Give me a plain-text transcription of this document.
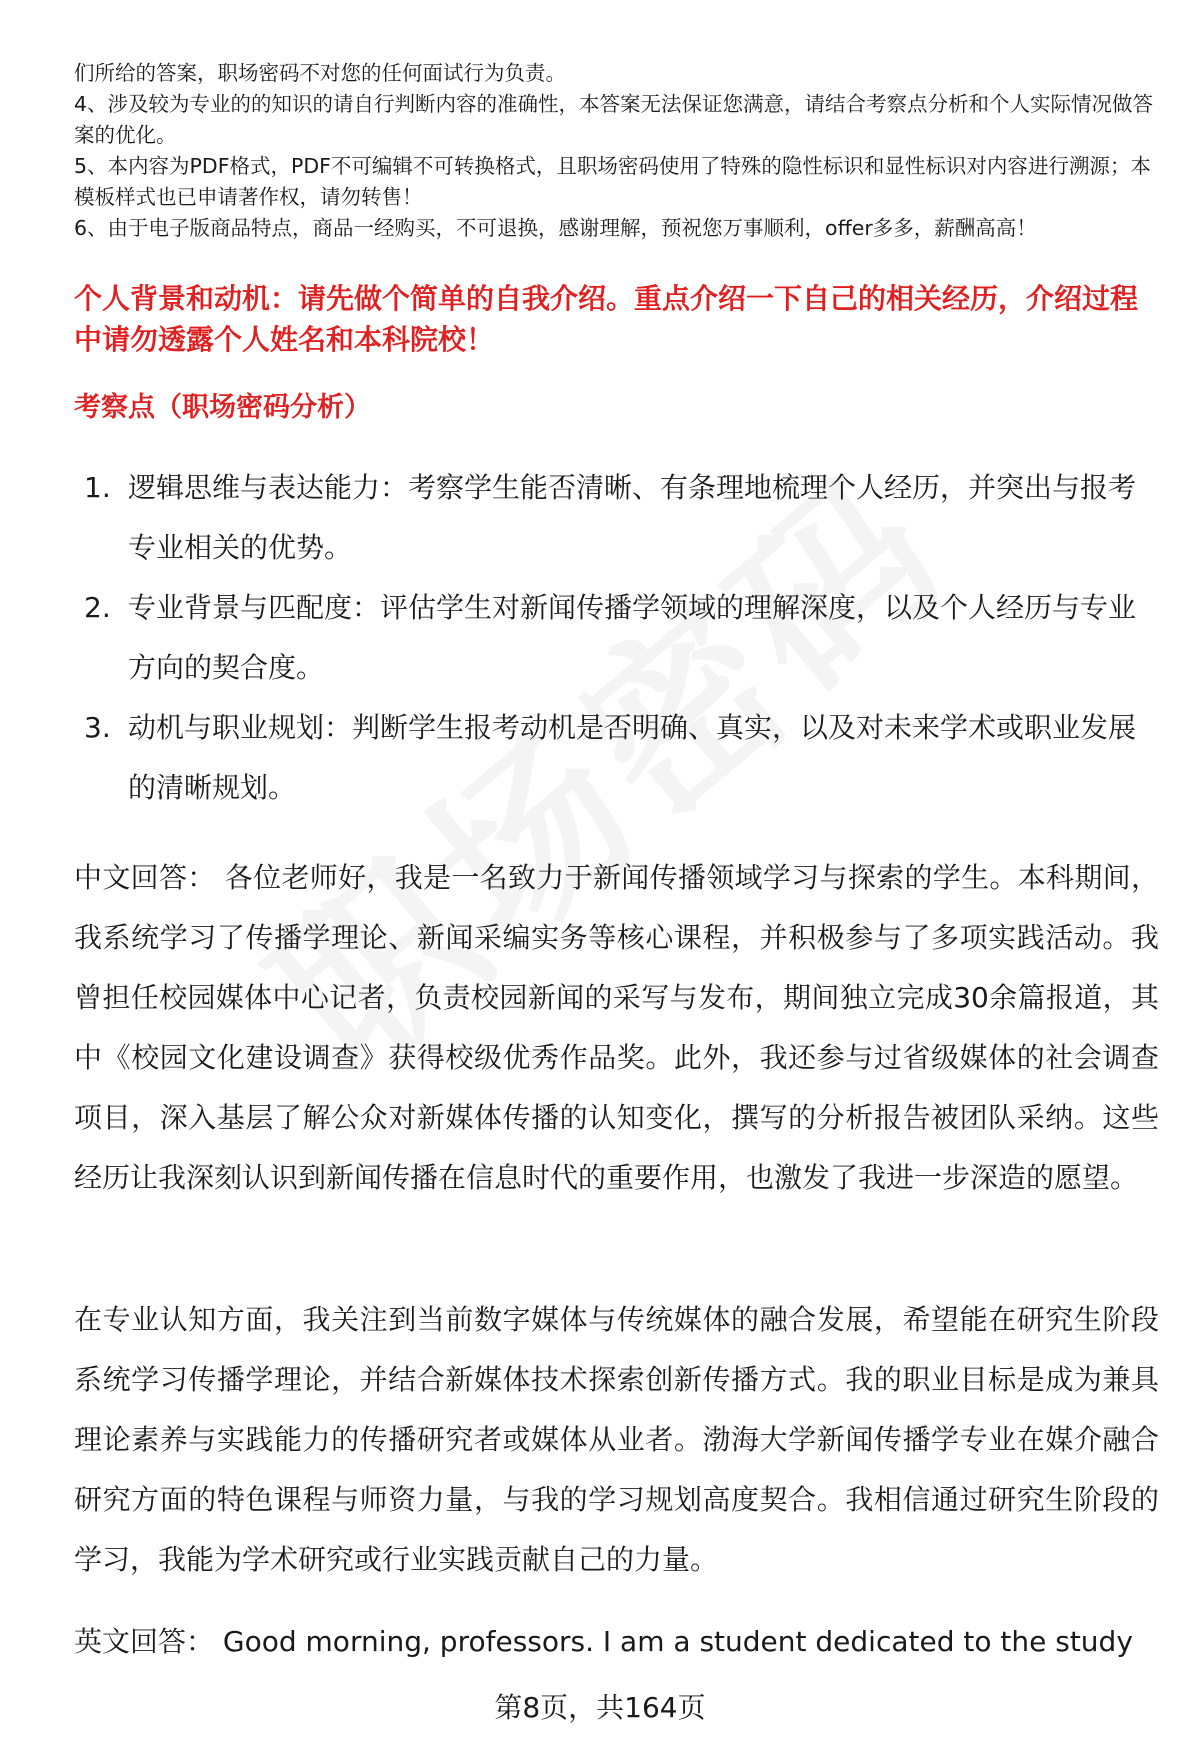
们所给的答案，职场密码不对您的任何面试行为负责。

4、涉及较为专业的的知识的请自行判断内容的准确性，本答案无法保证您满意，请结合考察点分析和个人实际情况做答案的优化。

5、本内容为PDF格式，PDF不可编辑不可转换格式，且职场密码使用了特殊的隐性标识和显性标识对内容进行溯源；本模板样式也已申请著作权，请勿转售！

6、由于电子版商品特点，商品一经购买，不可退换，感谢理解，预祝您万事顺利，offer多多，薪酬高高！

个人背景和动机：请先做个简单的自我介绍。重点介绍一下自己的相关经历，介绍过程中请勿透露个人姓名和本科院校！

考察点（职场密码分析）

1. 逻辑思维与表达能力：考察学生能否清晰、有条理地梳理个人经历，并突出与报考专业相关的优势。
2. 专业背景与匹配度：评估学生对新闻传播学领域的理解深度，以及个人经历与专业方向的契合度。
3. 动机与职业规划：判断学生报考动机是否明确、真实，以及对未来学术或职业发展的清晰规划。

中文回答： 各位老师好，我是一名致力于新闻传播领域学习与探索的学生。本科期间，我系统学习了传播学理论、新闻采编实务等核心课程，并积极参与了多项实践活动。我曾担任校园媒体中心记者，负责校园新闻的采写与发布，期间独立完成30余篇报道，其中《校园文化建设调查》获得校级优秀作品奖。此外，我还参与过省级媒体的社会调查项目，深入基层了解公众对新媒体传播的认知变化，撰写的分析报告被团队采纳。这些经历让我深刻认识到新闻传播在信息时代的重要作用，也激发了我进一步深造的愿望。

在专业认知方面，我关注到当前数字媒体与传统媒体的融合发展，希望能在研究生阶段系统学习传播学理论，并结合新媒体技术探索创新传播方式。我的职业目标是成为兼具理论素养与实践能力的传播研究者或媒体从业者。渤海大学新闻传播学专业在媒介融合研究方面的特色课程与师资力量，与我的学习规划高度契合。我相信通过研究生阶段的学习，我能为学术研究或行业实践贡献自己的力量。

英文回答： Good morning, professors. I am a student dedicated to the study

第8页，共164页
